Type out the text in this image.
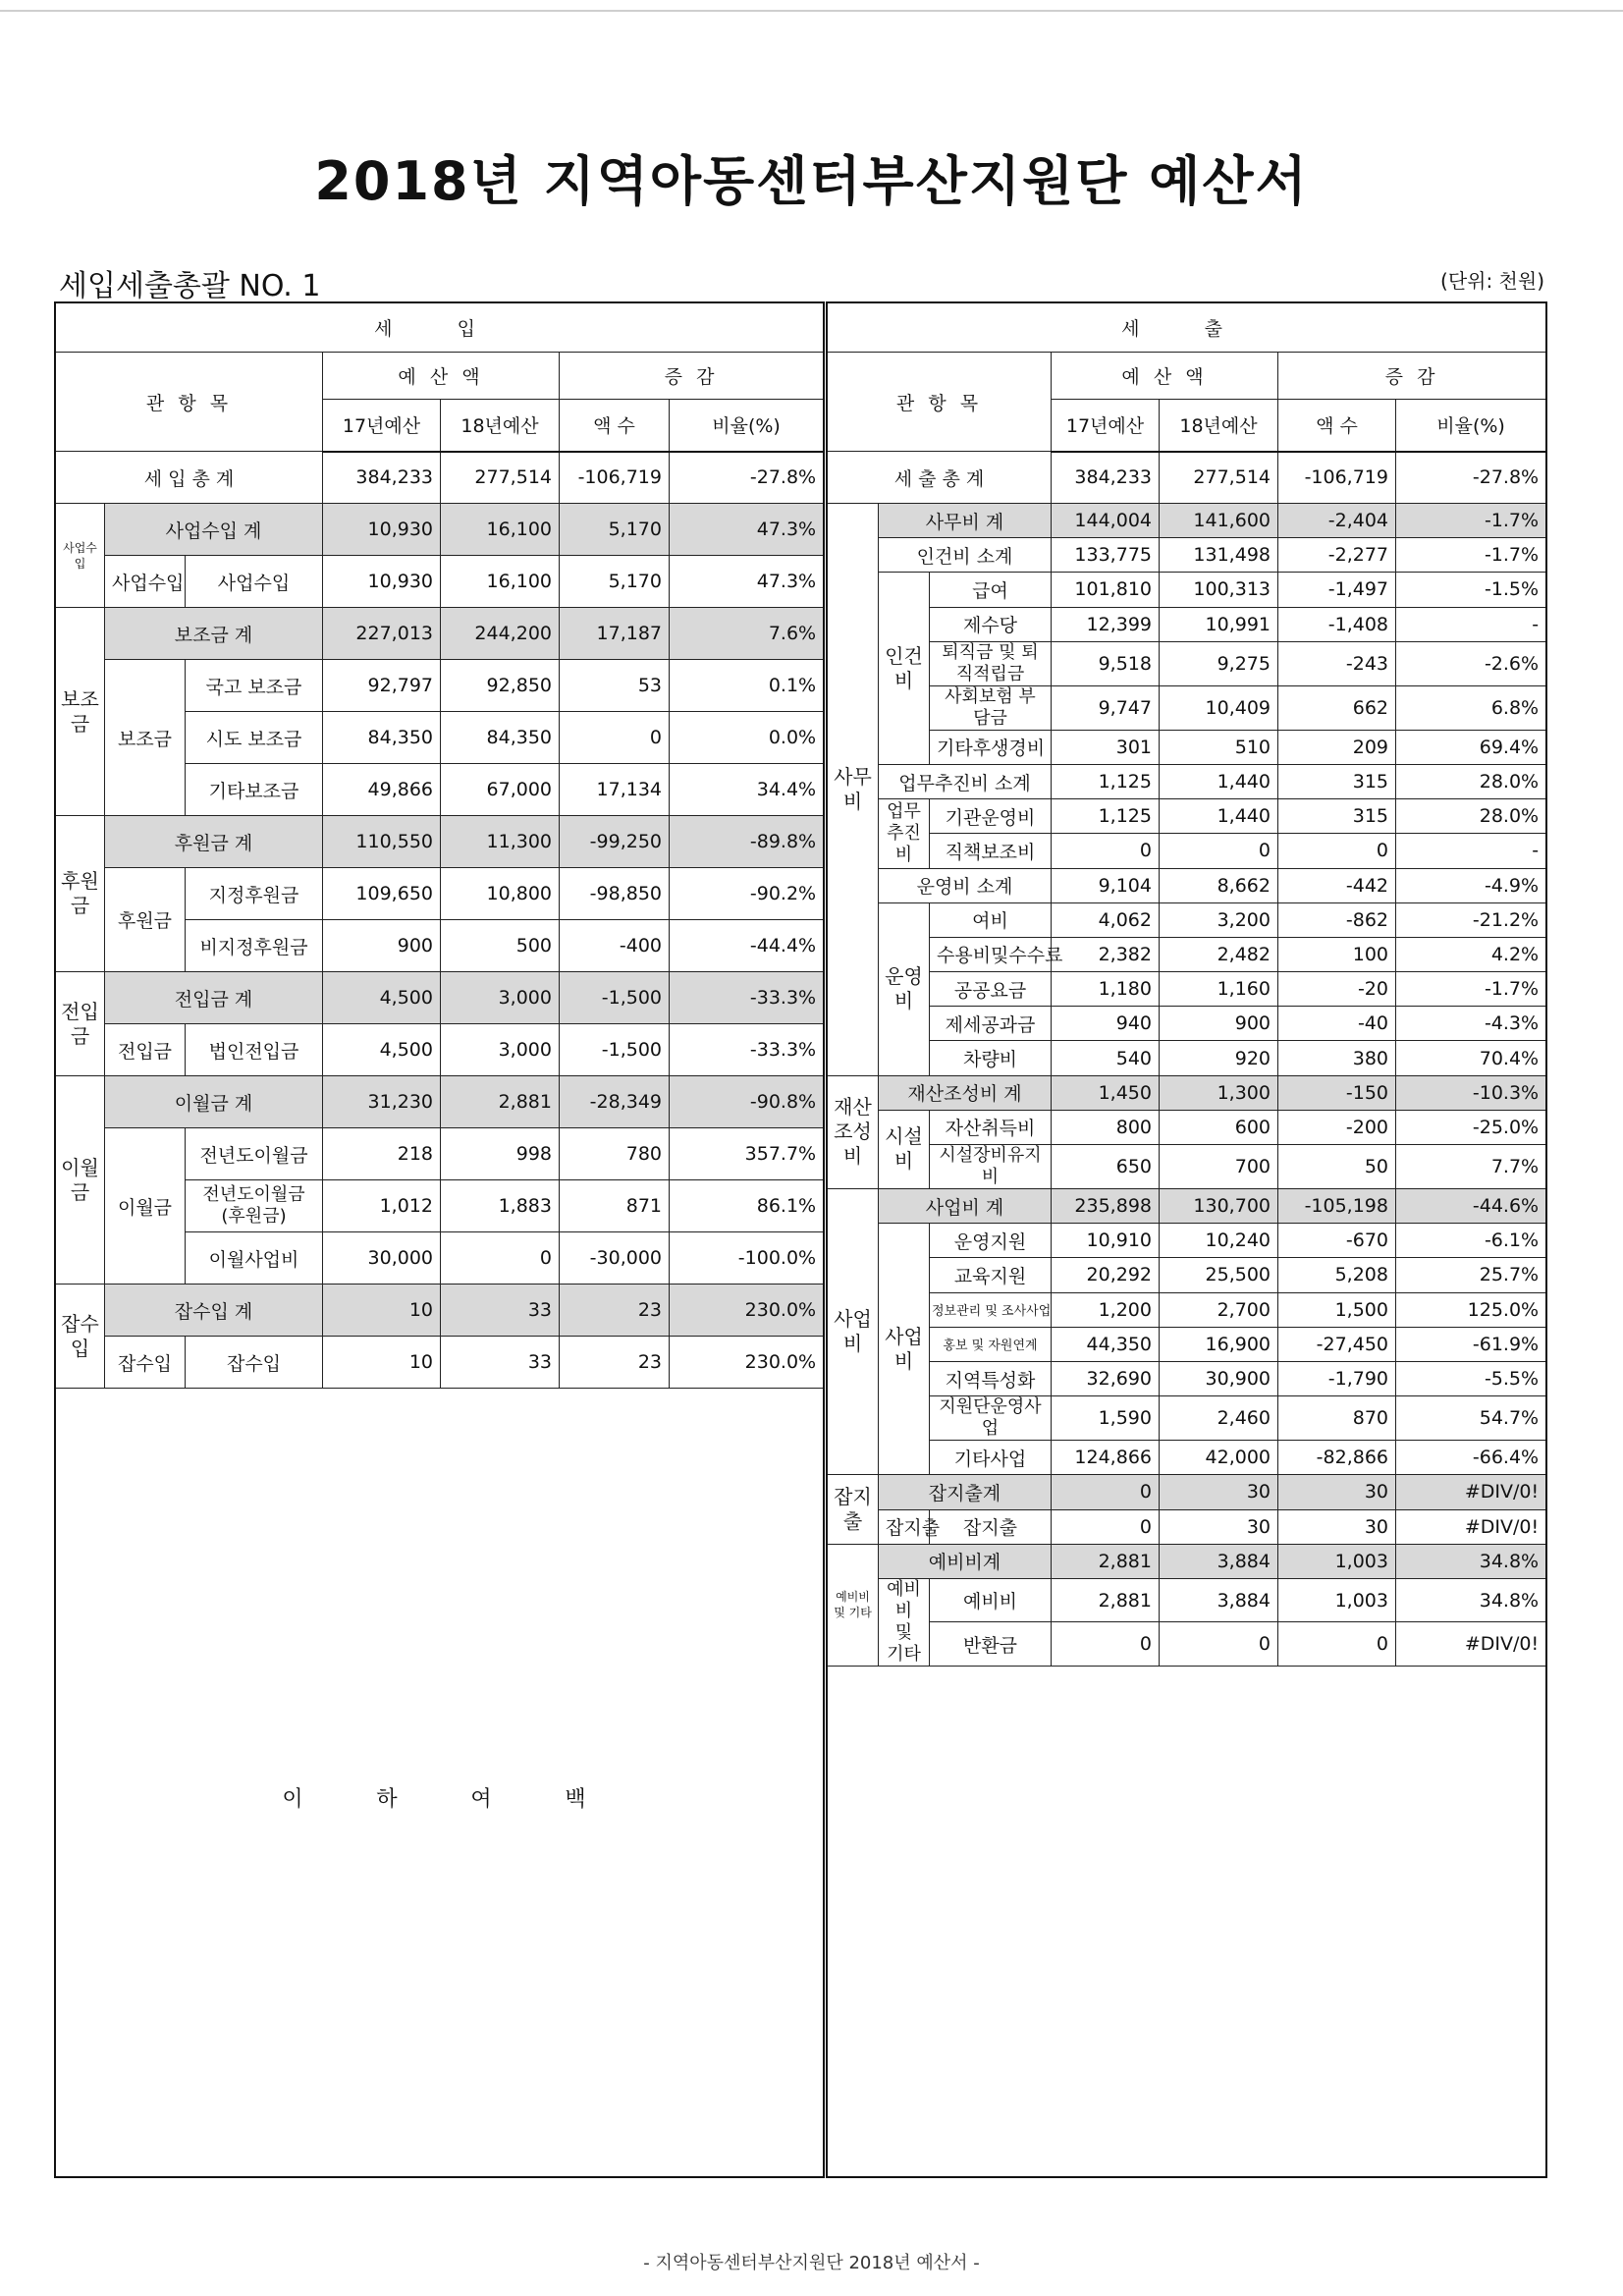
2018년 지역아동센터부산지원단 예산서
세입세출총괄 NO. 1	(단위: 천원)
세 입						
관 항 목			예 산 액		증 감	
			17년예산	18년예산	액 수	비율(%)
세 입 총 계			384,233	277,514	-106,719	-27.8%
사업수입	사업수입 계		10,930	16,100	5,170	47.3%
	사업수입	사업수입	10,930	16,100	5,170	47.3%
보조금	보조금 계		227,013	244,200	17,187	7.6%
	보조금	국고 보조금	92,797	92,850	53	0.1%
		시도 보조금	84,350	84,350	0	0.0%
		기타보조금	49,866	67,000	17,134	34.4%
후원금	후원금 계		110,550	11,300	-99,250	-89.8%
	후원금	지정후원금	109,650	10,800	-98,850	-90.2%
		비지정후원금	900	500	-400	-44.4%
전입금	전입금 계		4,500	3,000	-1,500	-33.3%
	전입금	법인전입금	4,500	3,000	-1,500	-33.3%
이월금	이월금 계		31,230	2,881	-28,349	-90.8%
	이월금	전년도이월금	218	998	780	357.7%
		전년도이월금 (후원금)	1,012	1,883	871	86.1%
		이월사업비	30,000	0	-30,000	-100.0%
잡수입	잡수입 계		10	33	23	230.0%
	잡수입	잡수입	10	33	23	230.0%
세 출						
관 항 목			예 산 액		증 감	
			17년예산	18년예산	액 수	비율(%)
세 출 총 계			384,233	277,514	-106,719	-27.8%
사무비	사무비 계		144,004	141,600	-2,404	-1.7%
	인건비 소계		133,775	131,498	-2,277	-1.7%
	인건비	급여	101,810	100,313	-1,497	-1.5%
		제수당	12,399	10,991	-1,408	-
		퇴직금 및 퇴직적립금	9,518	9,275	-243	-2.6%
		사회보험 부담금	9,747	10,409	662	6.8%
		기타후생경비	301	510	209	69.4%
	업무추진비 소계		1,125	1,440	315	28.0%
	업무 추진비	기관운영비	1,125	1,440	315	28.0%
		직책보조비	0	0	0	-
	운영비 소계		9,104	8,662	-442	-4.9%
	운영비	여비	4,062	3,200	-862	-21.2%
		수용비및수수료	2,382	2,482	100	4.2%
		공공요금	1,180	1,160	-20	-1.7%
		제세공과금	940	900	-40	-4.3%
		차량비	540	920	380	70.4%
재산조성비	재산조성비 계		1,450	1,300	-150	-10.3%
	시설비	자산취득비	800	600	-200	-25.0%
		시설장비유지비	650	700	50	7.7%
사업비	사업비 계		235,898	130,700	-105,198	-44.6%
	사업비	운영지원	10,910	10,240	-670	-6.1%
		교육지원	20,292	25,500	5,208	25.7%
		정보관리 및 조사사업	1,200	2,700	1,500	125.0%
		홍보 및 자원연계	44,350	16,900	-27,450	-61.9%
		지역특성화	32,690	30,900	-1,790	-5.5%
		지원단운영사업	1,590	2,460	870	54.7%
		기타사업	124,866	42,000	-82,866	-66.4%
잡지출	잡지출계		0	30	30	#DIV/0!
	잡지출	잡지출	0	30	30	#DIV/0!
예비비 및 기타	예비비계		2,881	3,884	1,003	34.8%
	예비비 및 기타	예비비	2,881	3,884	1,003	34.8%
		반환금	0	0	0	#DIV/0!
이	하	여	백
- 지역아동센터부산지원단 2018년 예산서 -
